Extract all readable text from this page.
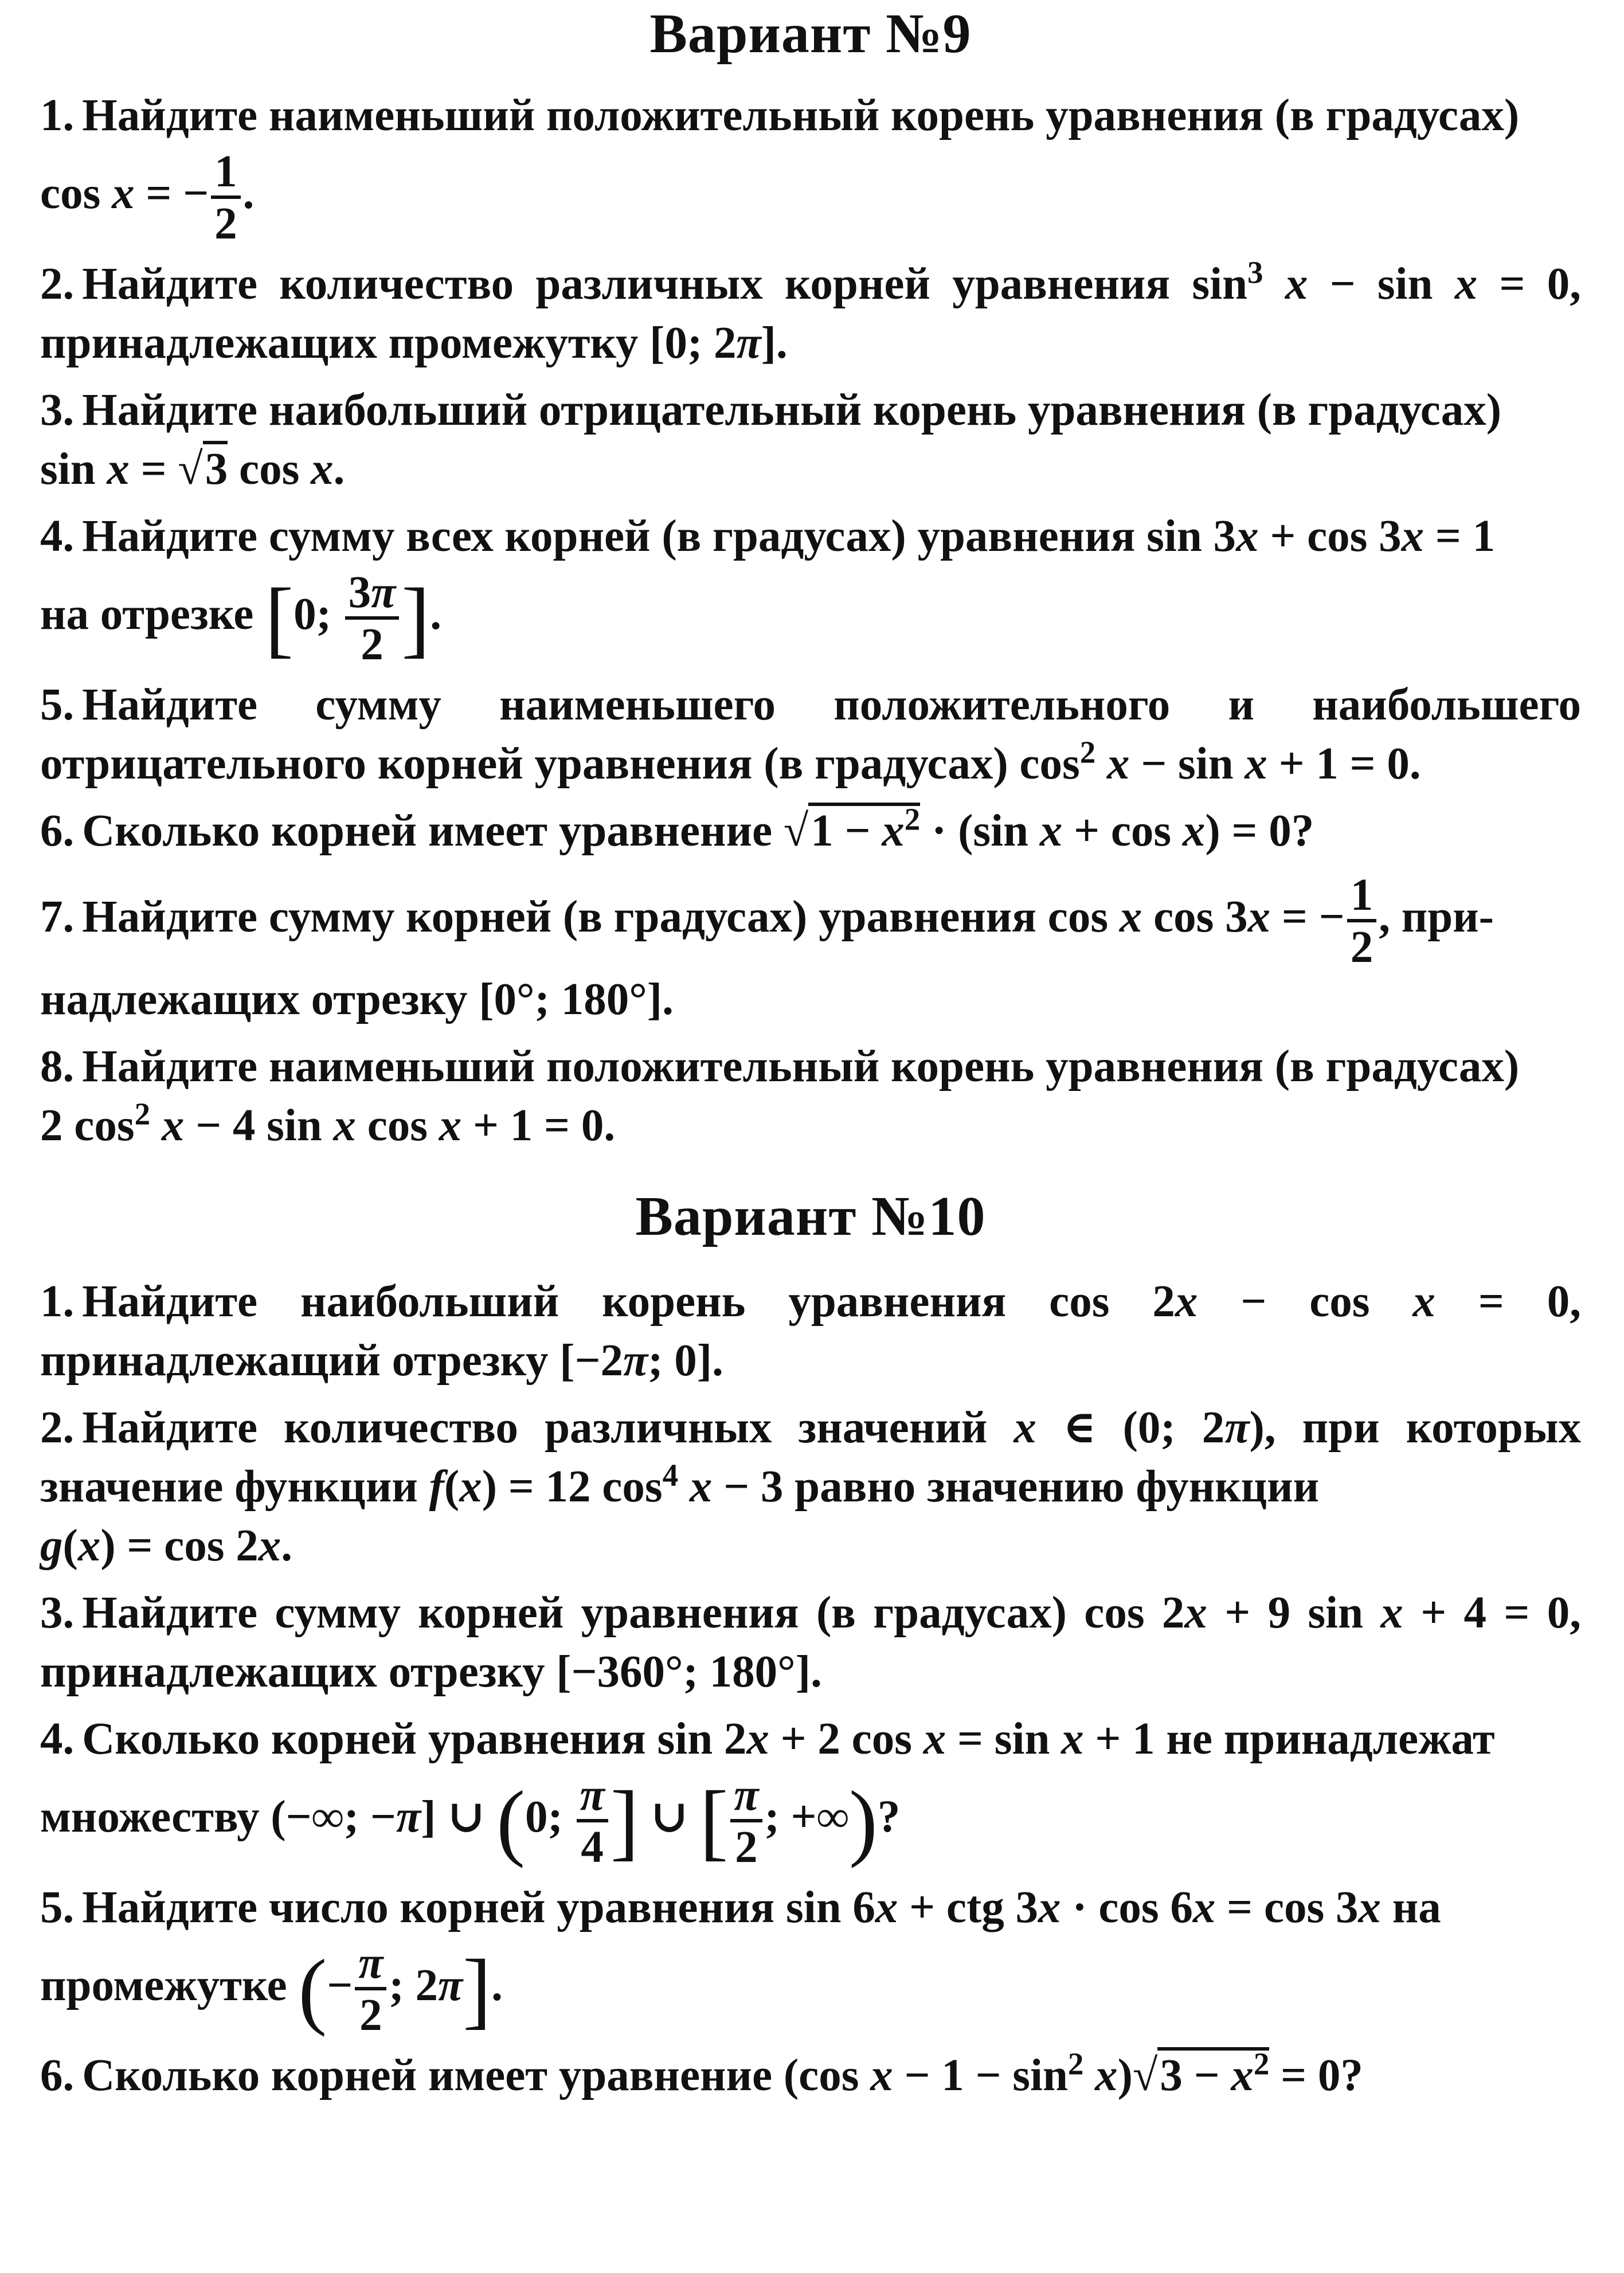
Вариант №9

1. Найдите наименьший положительный корень уравнения (в градусах)
cos x = − $\frac{1}{2}$ .

2. Найдите количество различных корней уравнения $\sin^3 x - \sin x = 0$, принадлежащих промежутку [0; 2π].

3. Найдите наибольший отрицательный корень уравнения (в градусах)
sin x = √3 cos x.

4. Найдите сумму всех корней (в градусах) уравнения sin 3x + cos 3x = 1
на отрезке [0; $\frac{3\pi}{2}$ ].

5. Найдите сумму наименьшего положительного и наибольшего отрицательного корней уравнения (в градусах) $\cos^2 x - \sin x + 1 = 0$.

6. Сколько корней имеет уравнение $√1 - x^2 \cdot (\sin$ x + cos x) = 0?

7. Найдите сумму корней (в градусах) уравнения cos x cos 3x = − $\frac{1}{2}$ , при-
надлежащих отрезку [0°; 180°].

8. Найдите наименьший положительный корень уравнения (в градусах)
2 $\cos^2 x - 4$ sin x cos x + 1 = 0.

Вариант №10

1. Найдите наибольший корень уравнения cos 2x − cos x = 0, принадлежащий отрезку [−2π; 0].

2. Найдите количество различных значений x ∈ (0; 2π), при которых значение функции f(x) = 12 $\cos^4 x - 3$ равно значению функции
g(x) = cos 2x.

3. Найдите сумму корней уравнения (в градусах) cos 2x + 9 sin x + 4 = 0, принадлежащих отрезку [−360°; 180°].

4. Сколько корней уравнения sin 2x + 2 cos x = sin x + 1 не принадлежат
множеству (−∞; −π] ∪ (0; $\frac{\pi}{4}$ ] ∪ [ $\frac{\pi}{2}$ ; +∞)?

5. Найдите число корней уравнения sin 6x + ctg 3x · cos 6x = cos 3x на
промежутке (− $\frac{\pi}{2}$ ; 2π].

6. Сколько корней имеет уравнение (cos $x - 1 - \sin^2 x)√3 - x^2 = 0$?
